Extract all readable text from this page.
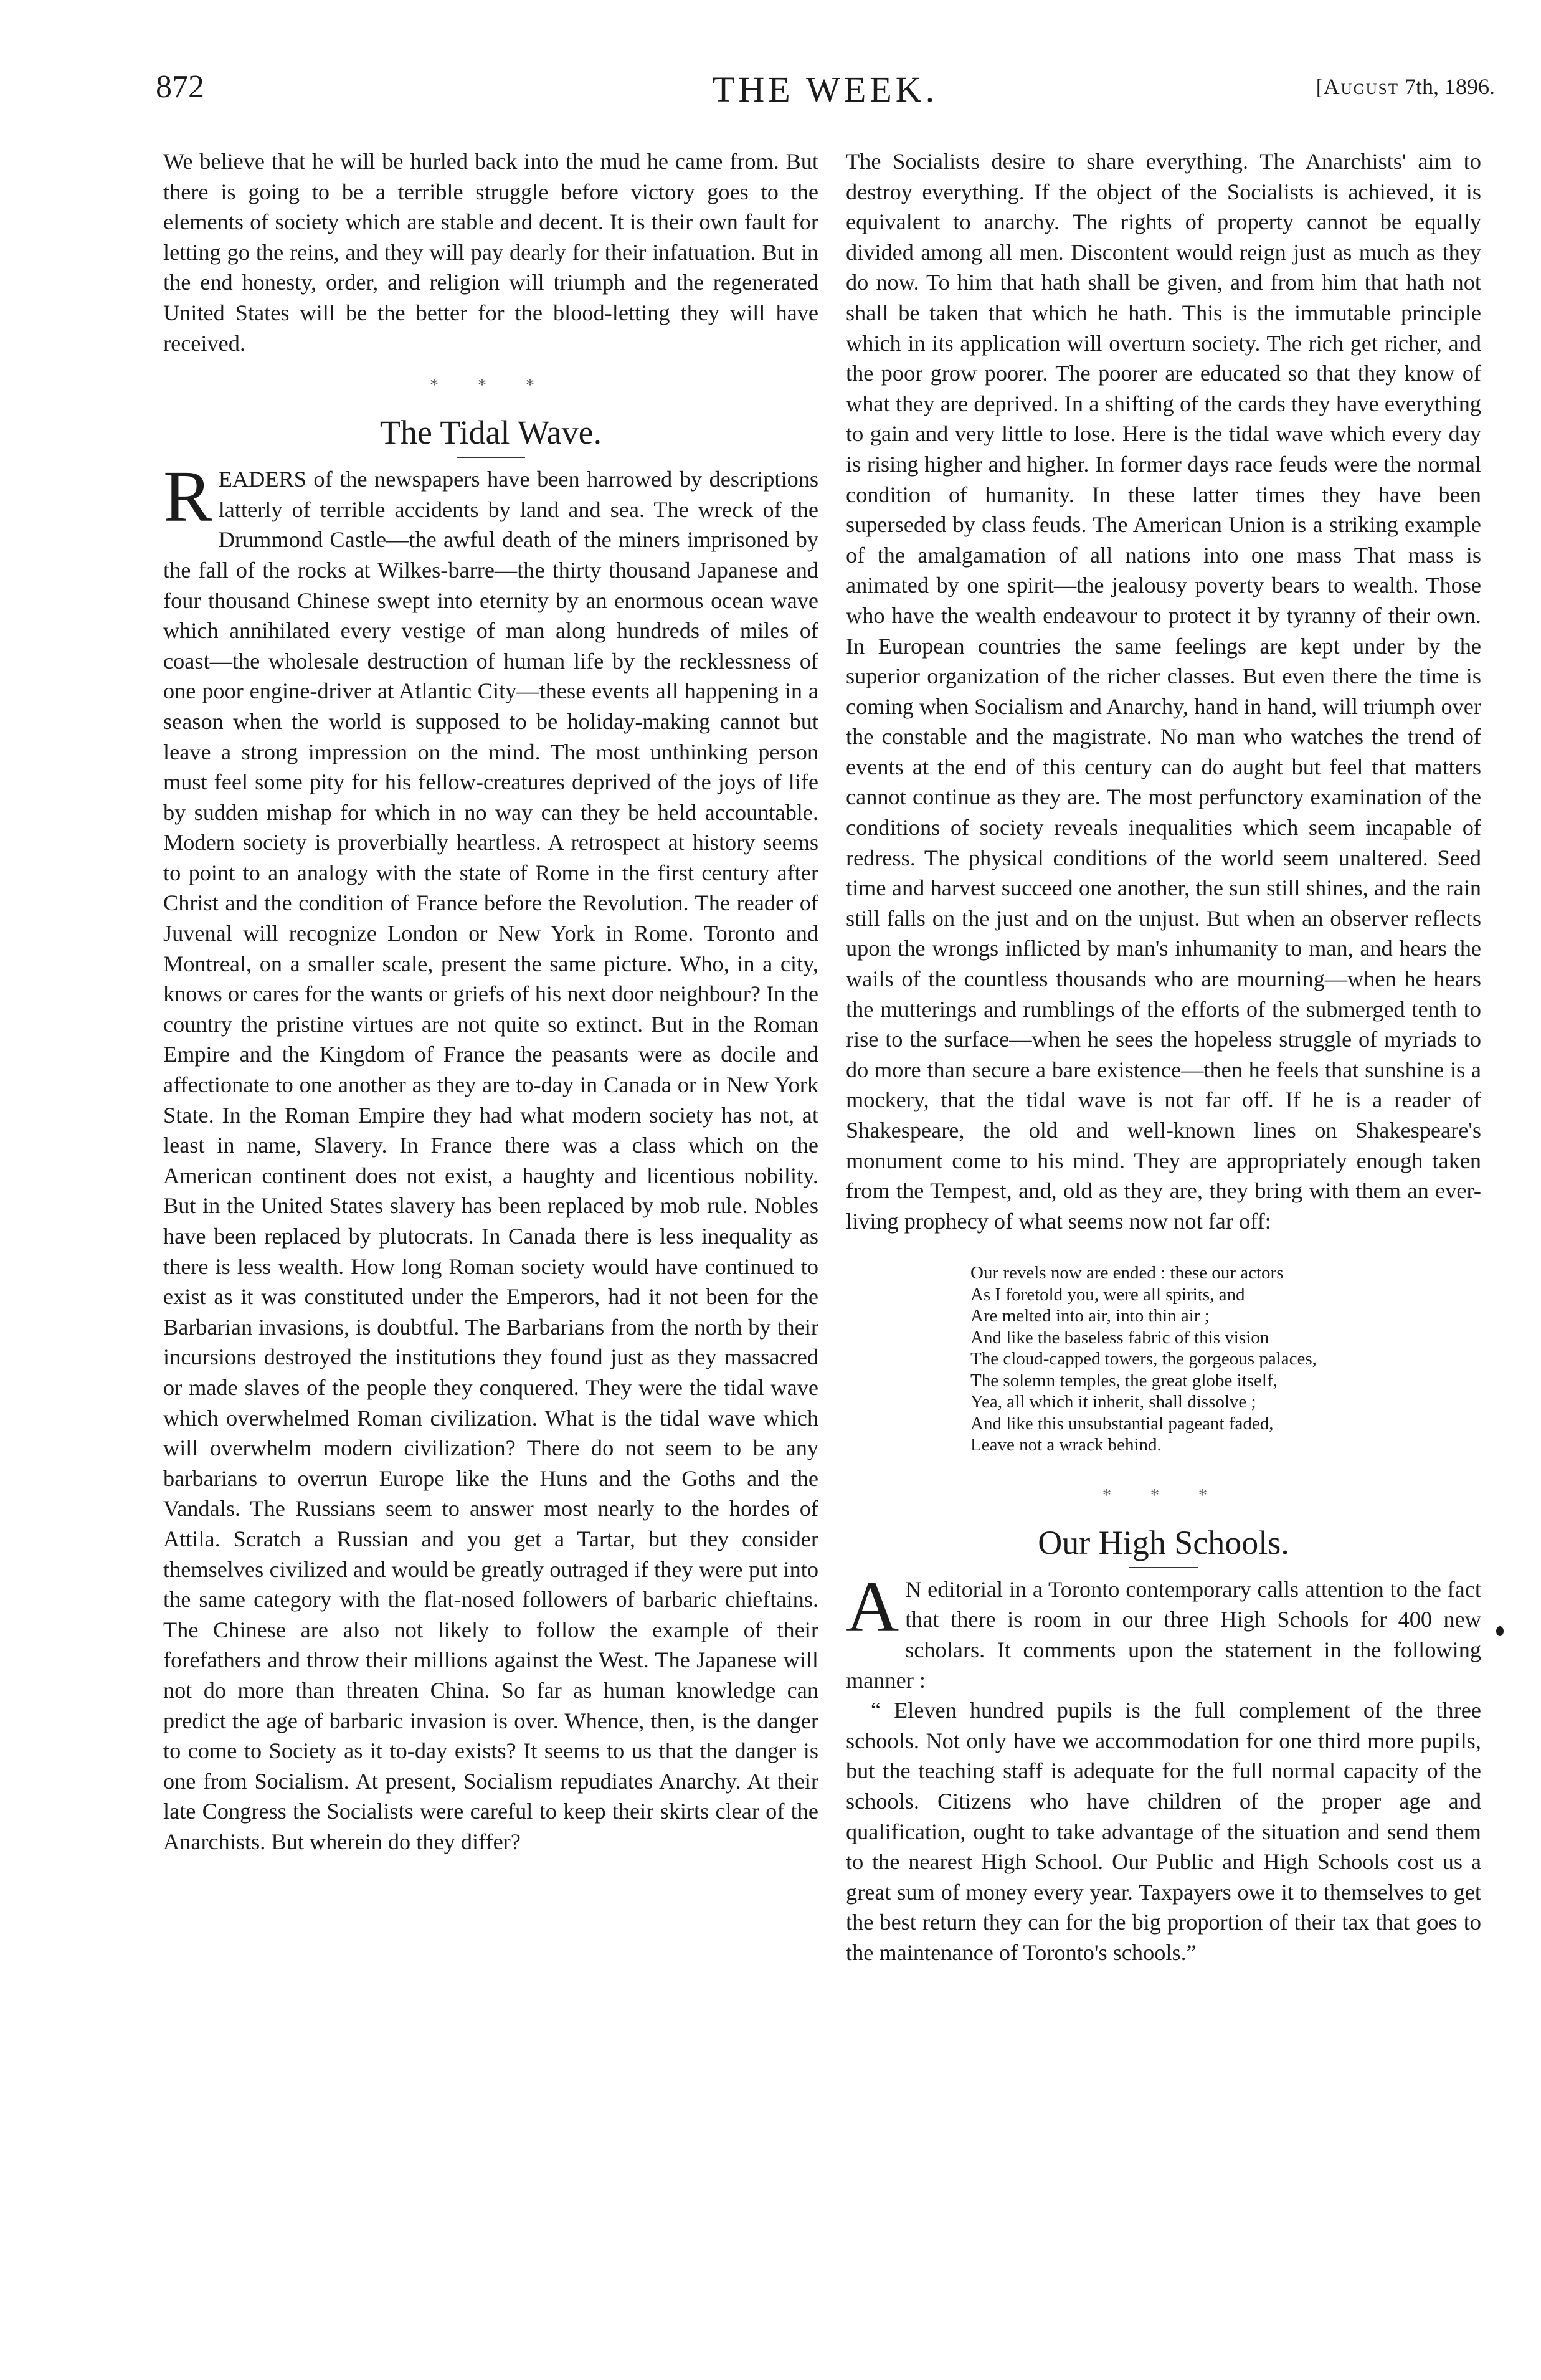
872	THE WEEK.	[August 7th, 1896.

We believe that he will be hurled back into the mud he came from. But there is going to be a terrible struggle before victory goes to the elements of society which are stable and decent. It is their own fault for letting go the reins, and they will pay dearly for their infatuation. But in the end honesty, order, and religion will triumph and the regenerated United States will be the better for the blood-letting they will have received.

* * *
The Tidal Wave.

READERS of the newspapers have been harrowed by descriptions latterly of terrible accidents by land and sea. The wreck of the Drummond Castle—the awful death of the miners imprisoned by the fall of the rocks at Wilkes-barre—the thirty thousand Japanese and four thousand Chinese swept into eternity by an enormous ocean wave which annihilated every vestige of man along hundreds of miles of coast—the wholesale destruction of human life by the recklessness of one poor engine-driver at Atlantic City—these events all happening in a season when the world is supposed to be holiday-making cannot but leave a strong impression on the mind. The most unthinking person must feel some pity for his fellow-creatures deprived of the joys of life by sudden mishap for which in no way can they be held accountable. Modern society is proverbially heartless. A retrospect at history seems to point to an analogy with the state of Rome in the first century after Christ and the condition of France before the Revolution. The reader of Juvenal will recognize London or New York in Rome. Toronto and Montreal, on a smaller scale, present the same picture. Who, in a city, knows or cares for the wants or griefs of his next door neighbour? In the country the pristine virtues are not quite so extinct. But in the Roman Empire and the Kingdom of France the peasants were as docile and affectionate to one another as they are to-day in Canada or in New York State. In the Roman Empire they had what modern society has not, at least in name, Slavery. In France there was a class which on the American continent does not exist, a haughty and licentious nobility. But in the United States slavery has been replaced by mob rule. Nobles have been replaced by plutocrats. In Canada there is less inequality as there is less wealth. How long Roman society would have continued to exist as it was constituted under the Emperors, had it not been for the Barbarian invasions, is doubtful. The Barbarians from the north by their incursions destroyed the institutions they found just as they massacred or made slaves of the people they conquered. They were the tidal wave which overwhelmed Roman civilization. What is the tidal wave which will overwhelm modern civilization? There do not seem to be any barbarians to overrun Europe like the Huns and the Goths and the Vandals. The Russians seem to answer most nearly to the hordes of Attila. Scratch a Russian and you get a Tartar, but they consider themselves civilized and would be greatly outraged if they were put into the same category with the flat-nosed followers of barbaric chieftains. The Chinese are also not likely to follow the example of their forefathers and throw their millions against the West. The Japanese will not do more than threaten China. So far as human knowledge can predict the age of barbaric invasion is over. Whence, then, is the danger to come to Society as it to-day exists? It seems to us that the danger is one from Socialism. At present, Socialism repudiates Anarchy. At their late Congress the Socialists were careful to keep their skirts clear of the Anarchists. But wherein do they differ?

The Socialists desire to share everything. The Anarchists' aim to destroy everything. If the object of the Socialists is achieved, it is equivalent to anarchy. The rights of property cannot be equally divided among all men. Discontent would reign just as much as they do now. To him that hath shall be given, and from him that hath not shall be taken that which he hath. This is the immutable principle which in its application will overturn society. The rich get richer, and the poor grow poorer. The poorer are educated so that they know of what they are deprived. In a shifting of the cards they have everything to gain and very little to lose. Here is the tidal wave which every day is rising higher and higher. In former days race feuds were the normal condition of humanity. In these latter times they have been superseded by class feuds. The American Union is a striking example of the amalgamation of all nations into one mass That mass is animated by one spirit—the jealousy poverty bears to wealth. Those who have the wealth endeavour to protect it by tyranny of their own. In European countries the same feelings are kept under by the superior organization of the richer classes. But even there the time is coming when Socialism and Anarchy, hand in hand, will triumph over the constable and the magistrate. No man who watches the trend of events at the end of this century can do aught but feel that matters cannot continue as they are. The most perfunctory examination of the conditions of society reveals inequalities which seem incapable of redress. The physical conditions of the world seem unaltered. Seed time and harvest succeed one another, the sun still shines, and the rain still falls on the just and on the unjust. But when an observer reflects upon the wrongs inflicted by man's inhumanity to man, and hears the wails of the countless thousands who are mourning—when he hears the mutterings and rumblings of the efforts of the submerged tenth to rise to the surface—when he sees the hopeless struggle of myriads to do more than secure a bare existence—then he feels that sunshine is a mockery, that the tidal wave is not far off. If he is a reader of Shakespeare, the old and well-known lines on Shakespeare's monument come to his mind. They are appropriately enough taken from the Tempest, and, old as they are, they bring with them an ever-living prophecy of what seems now not far off:

Our revels now are ended : these our actors
As I foretold you, were all spirits, and
Are melted into air, into thin air ;
And like the baseless fabric of this vision
The cloud-capped towers, the gorgeous palaces,
The solemn temples, the great globe itself,
Yea, all which it inherit, shall dissolve ;
And like this unsubstantial pageant faded,
Leave not a wrack behind.
* * *
Our High Schools.

A N editorial in a Toronto contemporary calls attention to the fact that there is room in our three High Schools for 400 new scholars. It comments upon the statement in the following manner :

“ Eleven hundred pupils is the full complement of the three schools. Not only have we accommodation for one third more pupils, but the teaching staff is adequate for the full normal capacity of the schools. Citizens who have children of the proper age and qualification, ought to take advantage of the situation and send them to the nearest High School. Our Public and High Schools cost us a great sum of money every year. Taxpayers owe it to themselves to get the best return they can for the big proportion of their tax that goes to the maintenance of Toronto's schools.”
